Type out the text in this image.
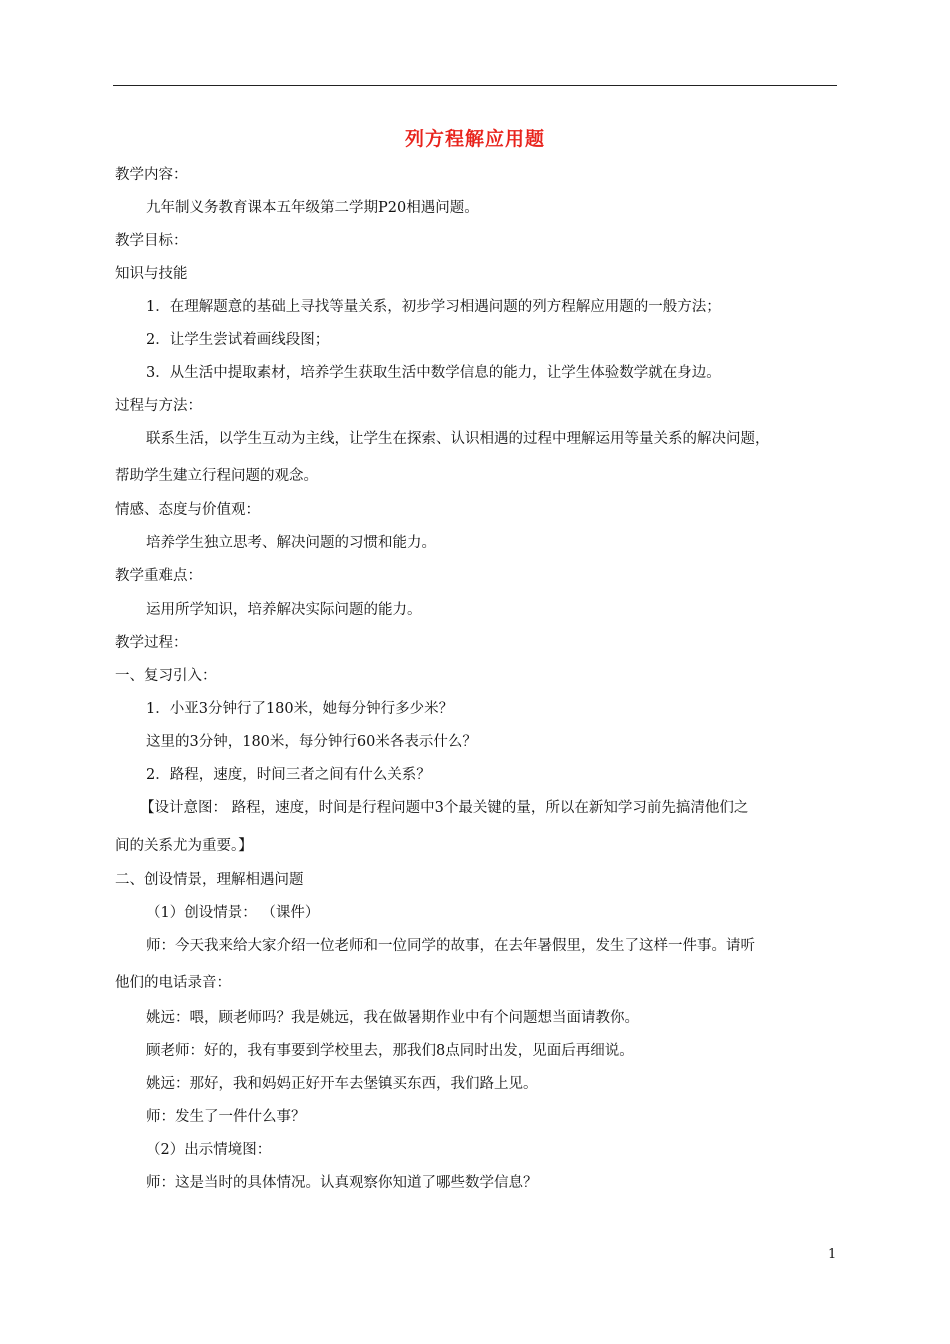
列方程解应用题
教学内容：
九年制义务教育课本五年级第二学期P20相遇问题。
教学目标：
知识与技能
1．在理解题意的基础上寻找等量关系，初步学习相遇问题的列方程解应用题的一般方法；
2．让学生尝试着画线段图；
3．从生活中提取素材，培养学生获取生活中数学信息的能力，让学生体验数学就在身边。
过程与方法：
联系生活，以学生互动为主线，让学生在探索、认识相遇的过程中理解运用等量关系的解决问题，
帮助学生建立行程问题的观念。
情感、态度与价值观：
培养学生独立思考、解决问题的习惯和能力。
教学重难点：
运用所学知识，培养解决实际问题的能力。
教学过程：
一、复习引入：
1．小亚3分钟行了180米，她每分钟行多少米？
这里的3分钟，180米，每分钟行60米各表示什么？
2．路程，速度，时间三者之间有什么关系？
【设计意图： 路程，速度，时间是行程问题中3个最关键的量，所以在新知学习前先搞清他们之
间的关系尤为重要。】
二、创设情景，理解相遇问题
（1）创设情景： （课件）
师：今天我来给大家介绍一位老师和一位同学的故事，在去年暑假里，发生了这样一件事。请听
他们的电话录音：
姚远：喂，顾老师吗？我是姚远，我在做暑期作业中有个问题想当面请教你。
顾老师：好的，我有事要到学校里去，那我们8点同时出发，见面后再细说。
姚远：那好，我和妈妈正好开车去堡镇买东西，我们路上见。
师：发生了一件什么事？
（2）出示情境图：
师：这是当时的具体情况。认真观察你知道了哪些数学信息？
1
